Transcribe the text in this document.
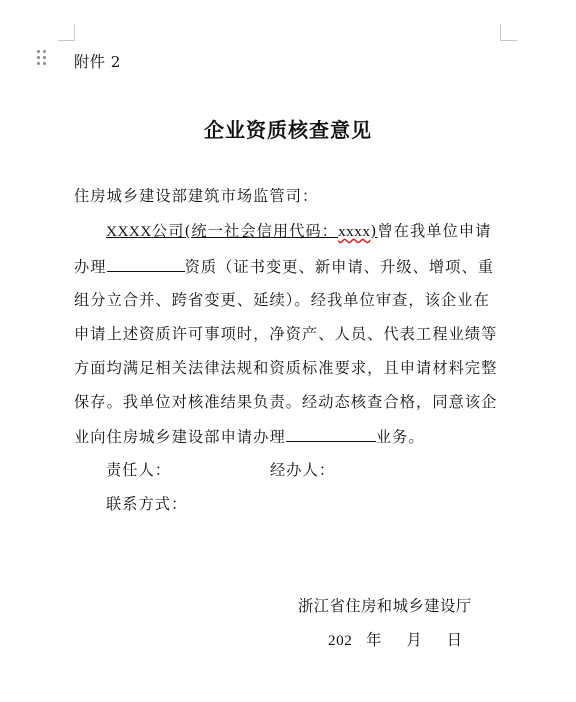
附件 2
企业资质核查意见
住房城乡建设部建筑市场监管司：
XXXX公司(统一社会信用代码：xxxx)曾在我单位申请
办理	资质（证书变更、新申请、升级、增项、重
组分立合并、跨省变更、延续）。经我单位审查，该企业在
申请上述资质许可事项时，净资产、人员、代表工程业绩等
方面均满足相关法律法规和资质标准要求，且申请材料完整
保存。我单位对核准结果负责。经动态核查合格，同意该企
业向住房城乡建设部申请办理	业务。
责任人：	经办人：
联系方式：
浙江省住房和城乡建设厅
202 年 月 日
